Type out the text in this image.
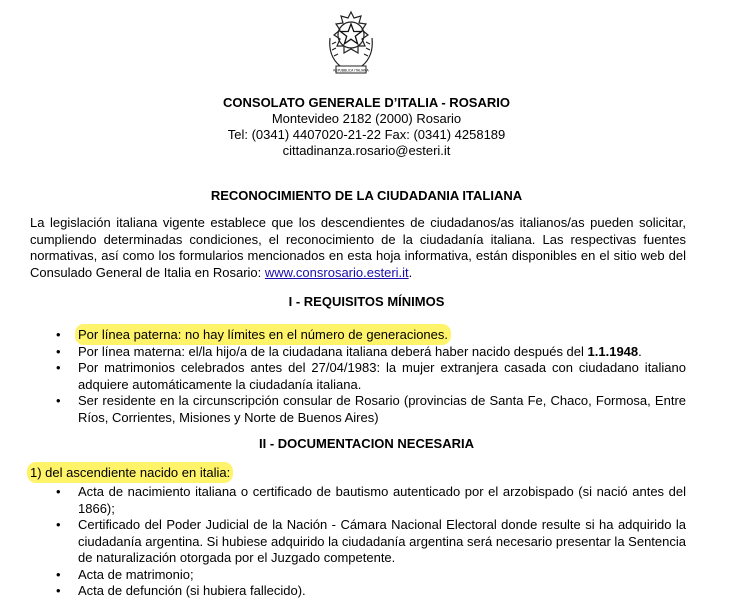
REPUBBLICA ITALIANA
CONSOLATO GENERALE D’ITALIA - ROSARIO
Montevideo 2182 (2000) Rosario
Tel: (0341) 4407020-21-22 Fax: (0341) 4258189
cittadinanza.rosario@esteri.it
RECONOCIMIENTO DE LA CIUDADANIA ITALIANA
La legislación italiana vigente establece que los descendientes de ciudadanos/as italianos/as pueden solicitar, cumpliendo determinadas condiciones, el reconocimiento de la ciudadanía italiana. Las respectivas fuentes normativas, así como los formularios mencionados en esta hoja informativa, están disponibles en el sitio web del Consulado General de Italia en Rosario: www.consrosario.esteri.it.
I - REQUISITOS MÍNIMOS
• Por línea paterna: no hay límites en el número de generaciones.
• Por línea materna: el/la hijo/a de la ciudadana italiana deberá haber nacido después del 1.1.1948.
• Por matrimonios celebrados antes del 27/04/1983: la mujer extranjera casada con ciudadano italiano adquiere automáticamente la ciudadanía italiana.
• Ser residente en la circunscripción consular de Rosario (provincias de Santa Fe, Chaco, Formosa, Entre Ríos, Corrientes, Misiones y Norte de Buenos Aires)
II - DOCUMENTACION NECESARIA
1) del ascendiente nacido en italia:
• Acta de nacimiento italiana o certificado de bautismo autenticado por el arzobispado (si nació antes del 1866);
• Certificado del Poder Judicial de la Nación - Cámara Nacional Electoral donde resulte si ha adquirido la ciudadanía argentina. Si hubiese adquirido la ciudadanía argentina será necesario presentar la Sentencia de naturalización otorgada por el Juzgado competente.
• Acta de matrimonio;
• Acta de defunción (si hubiera fallecido).
